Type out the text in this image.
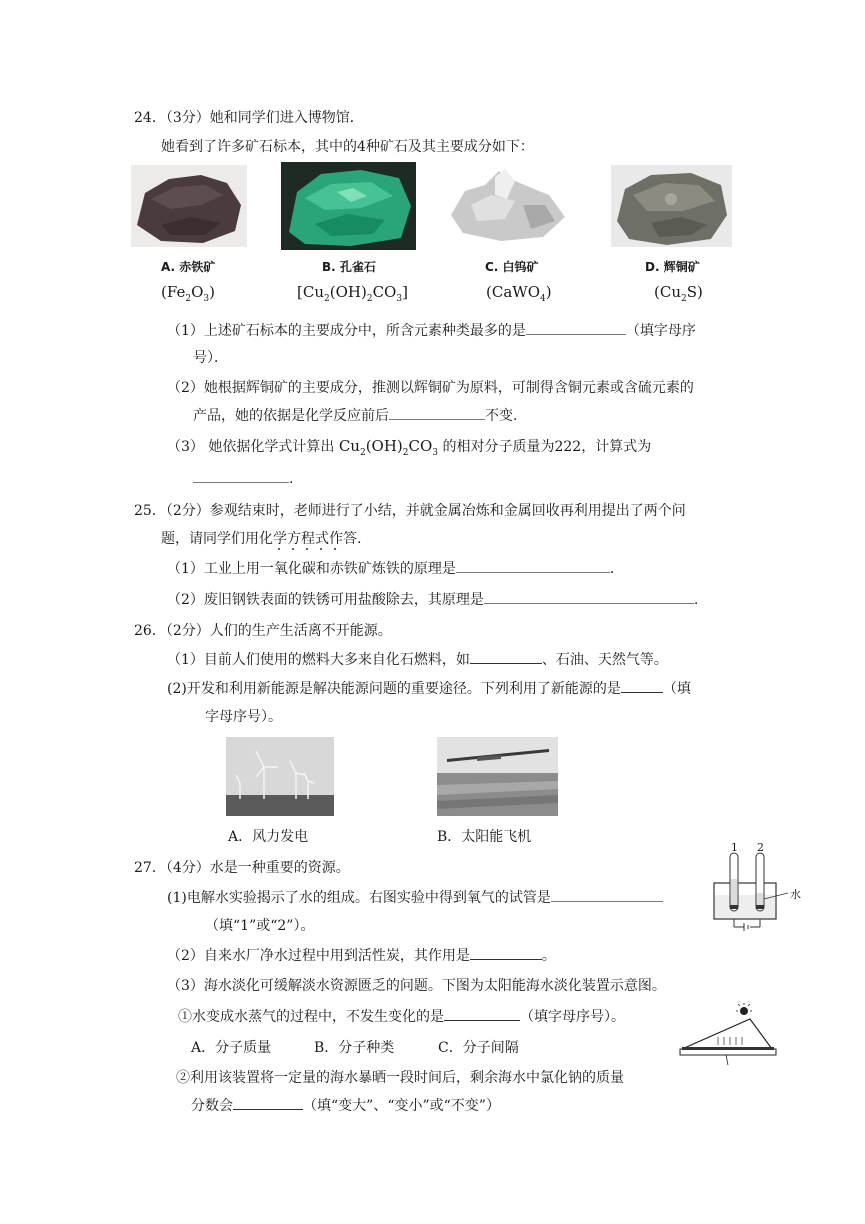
24．（3分）她和同学们进入博物馆．
她看到了许多矿石标本，其中的4种矿石及其主要成分如下：
A. 赤铁矿	B. 孔雀石	C. 白钨矿	D. 辉铜矿
$(Fe_2O_3)$	$[Cu_2(OH)_2CO_3]$	(CaWO$_4$)	$(Cu_2S)$
（1）上述矿石标本的主要成分中，所含元素种类最多的是	（填字母序
号）．
（2）她根据辉铜矿的主要成分，推测以辉铜矿为原料，可制得含铜元素或含硫元素的
产品，她的依据是化学反应前后	不变.
（3） 她依据化学式计算出 $Cu_2(OH)_2CO_3$ 的相对分子质量为222，计算式为
.
25．（2分）参观结束时，老师进行了小结，并就金属冶炼和金属回收再利用提出了两个问
题，请同学们用化学方程式作答.
（1）工业上用一氧化碳和赤铁矿炼铁的原理是	.
（2）废旧钢铁表面的铁锈可用盐酸除去，其原理是	.
26．（2分）人们的生产生活离不开能源。
（1）目前人们使用的燃料大多来自化石燃料，如	、石油、天然气等。
(2)开发和利用新能源是解决能源问题的重要途径。下列利用了新能源的是	（填
字母序号）。
A．风力发电	B．太阳能飞机
27．（4分）水是一种重要的资源。
(1)电解水实验揭示了水的组成。右图实验中得到氧气的试管是
（填“1”或“2”）。
1 2
水
（2）自来水厂净水过程中用到活性炭，其作用是	。
（3）海水淡化可缓解淡水资源匮乏的问题。下图为太阳能海水淡化装置示意图。
①水变成水蒸气的过程中，不发生变化的是	（填字母序号）。
A．分子质量	B．分子种类	C．分子间隔
②利用该装置将一定量的海水暴晒一段时间后，剩余海水中氯化钠的质量
分数会	（填“变大”、“变小”或“不变”）
